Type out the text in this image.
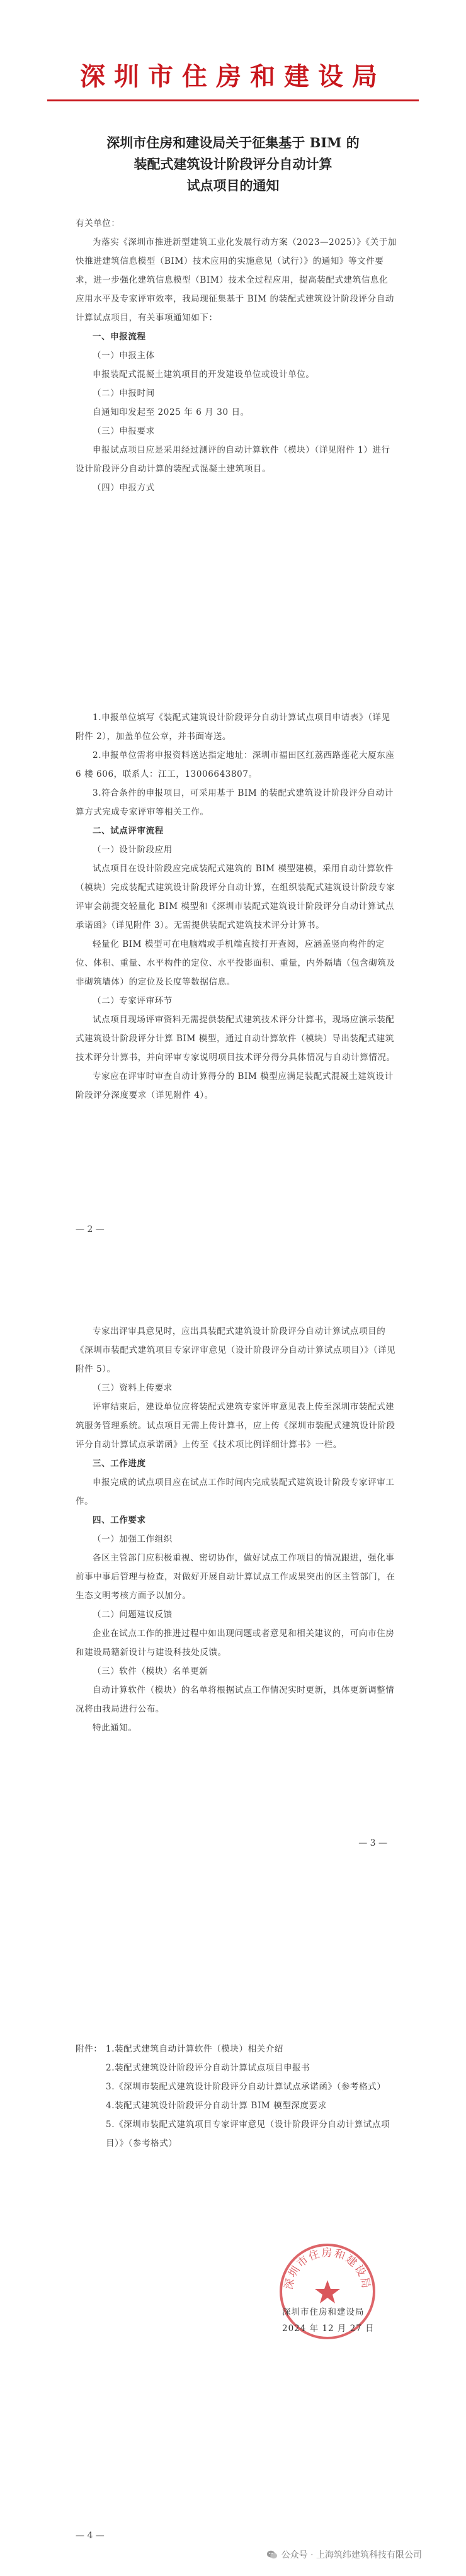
深圳市住房和建设局
深圳市住房和建设局关于征集基于 BIM 的
装配式建筑设计阶段评分自动计算
试点项目的通知

有关单位：

为落实《深圳市推进新型建筑工业化发展行动方案（2023—2025）》《关于加快推进建筑信息模型（BIM）技术应用的实施意见（试行）》的通知》等文件要求，进一步强化建筑信息模型（BIM）技术全过程应用，提高装配式建筑信息化应用水平及专家评审效率，我局现征集基于 BIM 的装配式建筑设计阶段评分自动计算试点项目，有关事项通知如下：

一、申报流程

（一）申报主体

申报装配式混凝土建筑项目的开发建设单位或设计单位。

（二）申报时间

自通知印发起至 2025 年 6 月 30 日。

（三）申报要求

申报试点项目应是采用经过测评的自动计算软件（模块）（详见附件 1）进行设计阶段评分自动计算的装配式混凝土建筑项目。

（四）申报方式

1.申报单位填写《装配式建筑设计阶段评分自动计算试点项目申请表》（详见附件 2），加盖单位公章，并书面寄送。

2.申报单位需将申报资料送达指定地址：深圳市福田区红荔西路莲花大厦东座 6 楼 606，联系人：江工，13006643807。

3.符合条件的申报项目，可采用基于 BIM 的装配式建筑设计阶段评分自动计算方式完成专家评审等相关工作。

二、试点评审流程

（一）设计阶段应用

试点项目在设计阶段应完成装配式建筑的 BIM 模型建模，采用自动计算软件（模块）完成装配式建筑设计阶段评分自动计算，在组织装配式建筑设计阶段专家评审会前提交轻量化 BIM 模型和《深圳市装配式建筑设计阶段评分自动计算试点承诺函》（详见附件 3）。无需提供装配式建筑技术评分计算书。

轻量化 BIM 模型可在电脑端或手机端直接打开查阅，应涵盖竖向构件的定位、体积、重量、水平构件的定位、水平投影面积、重量，内外隔墙（包含砌筑及非砌筑墙体）的定位及长度等数据信息。

（二）专家评审环节

试点项目现场评审资料无需提供装配式建筑技术评分计算书，现场应演示装配式建筑设计阶段评分计算 BIM 模型，通过自动计算软件（模块）导出装配式建筑技术评分计算书，并向评审专家说明项目技术评分得分具体情况与自动计算情况。

专家应在评审时审查自动计算得分的 BIM 模型应满足装配式混凝土建筑设计阶段评分深度要求（详见附件 4）。

— 2 —

专家出评审具意见时，应出具装配式建筑设计阶段评分自动计算试点项目的《深圳市装配式建筑项目专家评审意见（设计阶段评分自动计算试点项目）》（详见附件 5）。

（三）资料上传要求

评审结束后，建设单位应将装配式建筑专家评审意见表上传至深圳市装配式建筑服务管理系统。试点项目无需上传计算书，应上传《深圳市装配式建筑设计阶段评分自动计算试点承诺函》上传至《技术项比例详细计算书》一栏。

三、工作进度

申报完成的试点项目应在试点工作时间内完成装配式建筑设计阶段专家评审工作。

四、工作要求

（一）加强工作组织

各区主管部门应积极重视、密切协作，做好试点工作项目的情况跟进，强化事前事中事后管理与检查，对做好开展自动计算试点工作成果突出的区主管部门，在生态文明考核方面予以加分。

（二）问题建议反馈

企业在试点工作的推进过程中如出现问题或者意见和相关建议的，可向市住房和建设局籍新设计与建设科技处反馈。

（三）软件（模块）名单更新

自动计算软件（模块）的名单将根据试点工作情况实时更新，具体更新调整情况将由我局进行公布。

特此通知。

— 3 —
附件： 1.装配式建筑自动计算软件（模块）相关介绍

2.装配式建筑设计阶段评分自动计算试点项目申报书

3.《深圳市装配式建筑设计阶段评分自动计算试点承诺函》（参考格式）

4.装配式建筑设计阶段评分自动计算 BIM 模型深度要求

5.《深圳市装配式建筑项目专家评审意见（设计阶段评分自动计算试点项目）》（参考格式）

深圳市住房和建设局
深圳市住房和建设局
2024 年 12 月 27 日
— 4 —
公众号 · 上海筑纬建筑科技有限公司
